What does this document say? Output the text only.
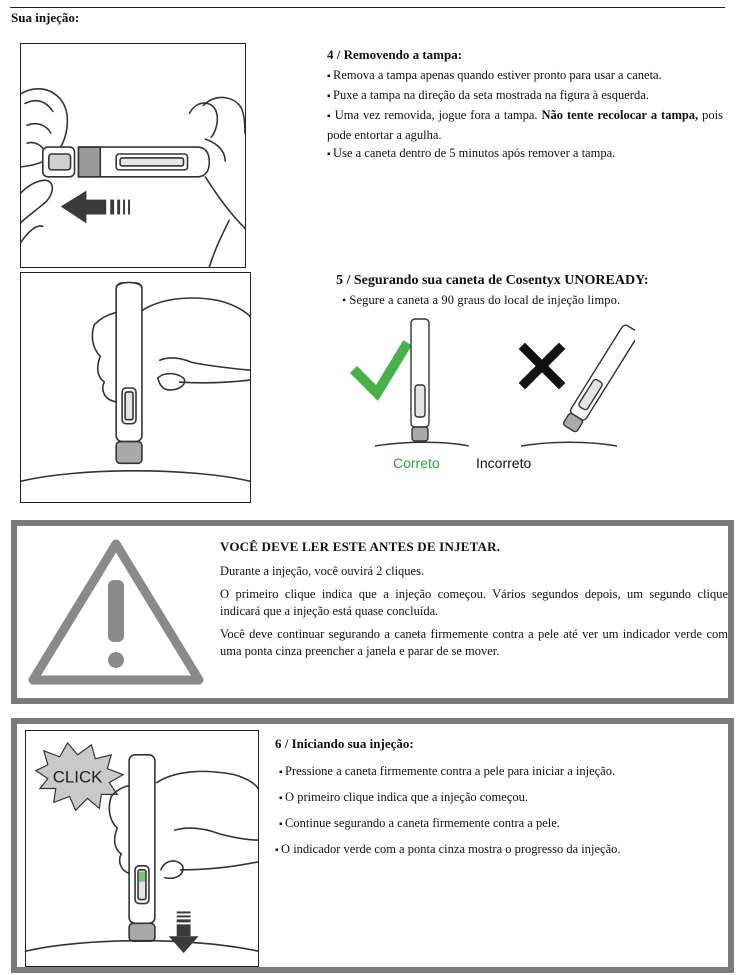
Sua injeção:
4 / Removendo a tampa:
▪ Remova a tampa apenas quando estiver pronto para usar a caneta.
▪ Puxe a tampa na direção da seta mostrada na figura à esquerda.
▪ Uma vez removida, jogue fora a tampa. Não tente recolocar a tampa, pois pode entortar a agulha.
▪ Use a caneta dentro de 5 minutos após remover a tampa.
5 / Segurando sua caneta de Cosentyx UNOREADY:
• Segure a caneta a 90 graus do local de injeção limpo.
Correto	Incorreto
VOCÊ DEVE LER ESTE ANTES DE INJETAR.
Durante a injeção, você ouvirá 2 cliques.
O primeiro clique indica que a injeção começou. Vários segundos depois, um segundo clique indicará que a injeção está quase concluída.
Você deve continuar segurando a caneta firmemente contra a pele até ver um indicador verde com uma ponta cinza preencher a janela e parar de se mover.
CLICK
6 / Iniciando sua injeção:
▪ Pressione a caneta firmemente contra a pele para iniciar a injeção.
▪ O primeiro clique indica que a injeção começou.
▪ Continue segurando a caneta firmemente contra a pele.
▪ O indicador verde com a ponta cinza mostra o progresso da injeção.
